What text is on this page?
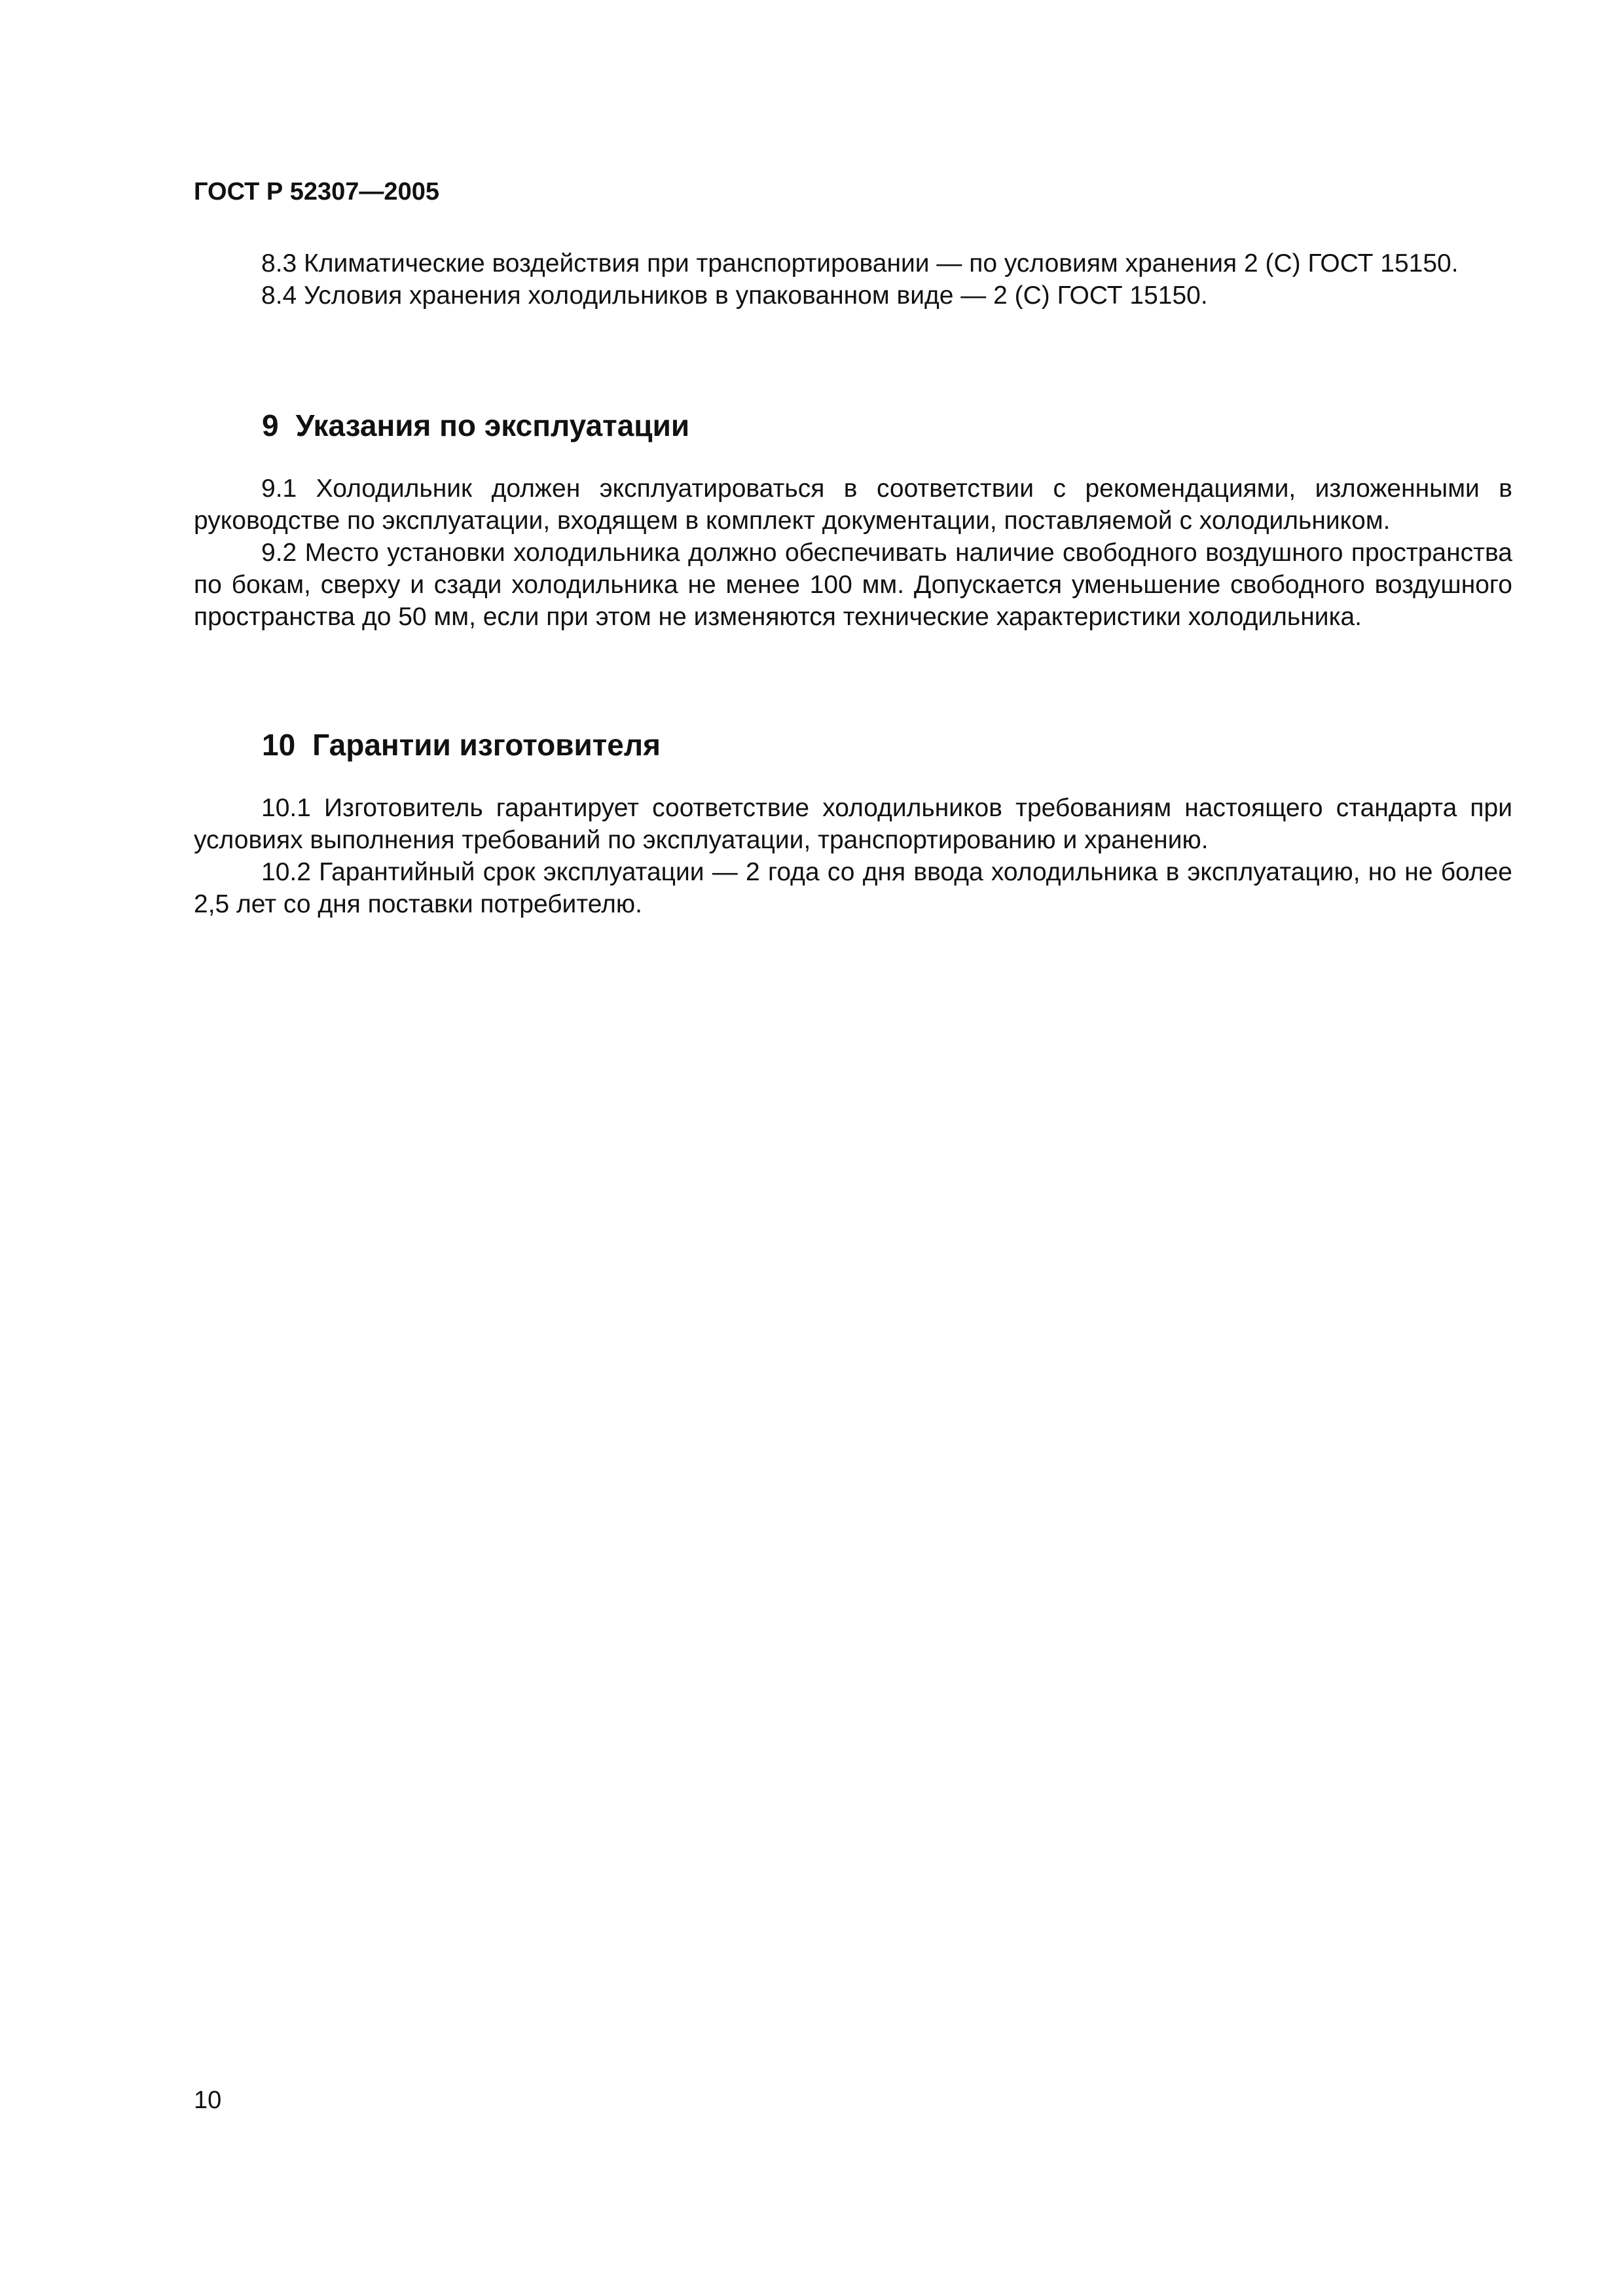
ГОСТ Р 52307—2005

8.3 Климатические воздействия при транспортировании — по условиям хранения 2 (С) ГОСТ 15150.

8.4 Условия хранения холодильников в упакованном виде — 2 (С) ГОСТ 15150.

9 Указания по эксплуатации

9.1 Холодильник должен эксплуатироваться в соответствии с рекомендациями, изложенными в руководстве по эксплуатации, входящем в комплект документации, поставляемой с холодильником.

9.2 Место установки холодильника должно обеспечивать наличие свободного воздушного пространства по бокам, сверху и сзади холодильника не менее 100 мм. Допускается уменьшение свободного воздушного пространства до 50 мм, если при этом не изменяются технические характеристики холодильника.

10 Гарантии изготовителя

10.1 Изготовитель гарантирует соответствие холодильников требованиям настоящего стандарта при условиях выполнения требований по эксплуатации, транспортированию и хранению.

10.2 Гарантийный срок эксплуатации — 2 года со дня ввода холодильника в эксплуатацию, но не более 2,5 лет со дня поставки потребителю.

10
